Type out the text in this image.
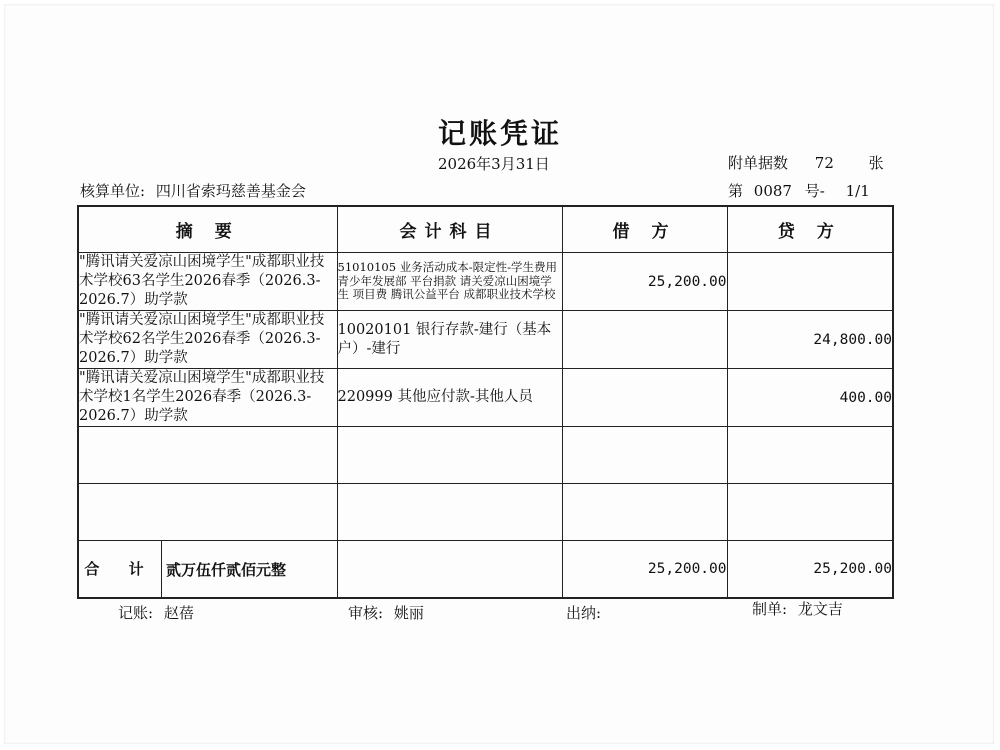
记账凭证
2026年3月31日	附单据数 72 张
核算单位: 四川省索玛慈善基金会	第 0087 号- 1/1
摘 要	会计科目	借 方	贷 方
"腾讯请关爱凉山困境学生"成都职业技术学校63名学生2026春季（2026.3-2026.7）助学款	51010105 业务活动成本-限定性-学生费用 青少年发展部 平台捐款 请关爱凉山困境学生 项目费 腾讯公益平台 成都职业技术学校	25,200.00	
"腾讯请关爱凉山困境学生"成都职业技术学校62名学生2026春季（2026.3-2026.7）助学款	10020101 银行存款-建行（基本户）-建行		24,800.00
"腾讯请关爱凉山困境学生"成都职业技术学校1名学生2026春季（2026.3-2026.7）助学款	220999 其他应付款-其他人员		400.00

合 计 贰万伍仟贰佰元整		25,200.00	25,200.00
记账: 赵蓓	审核: 姚丽	出纳:	制单: 龙文吉
